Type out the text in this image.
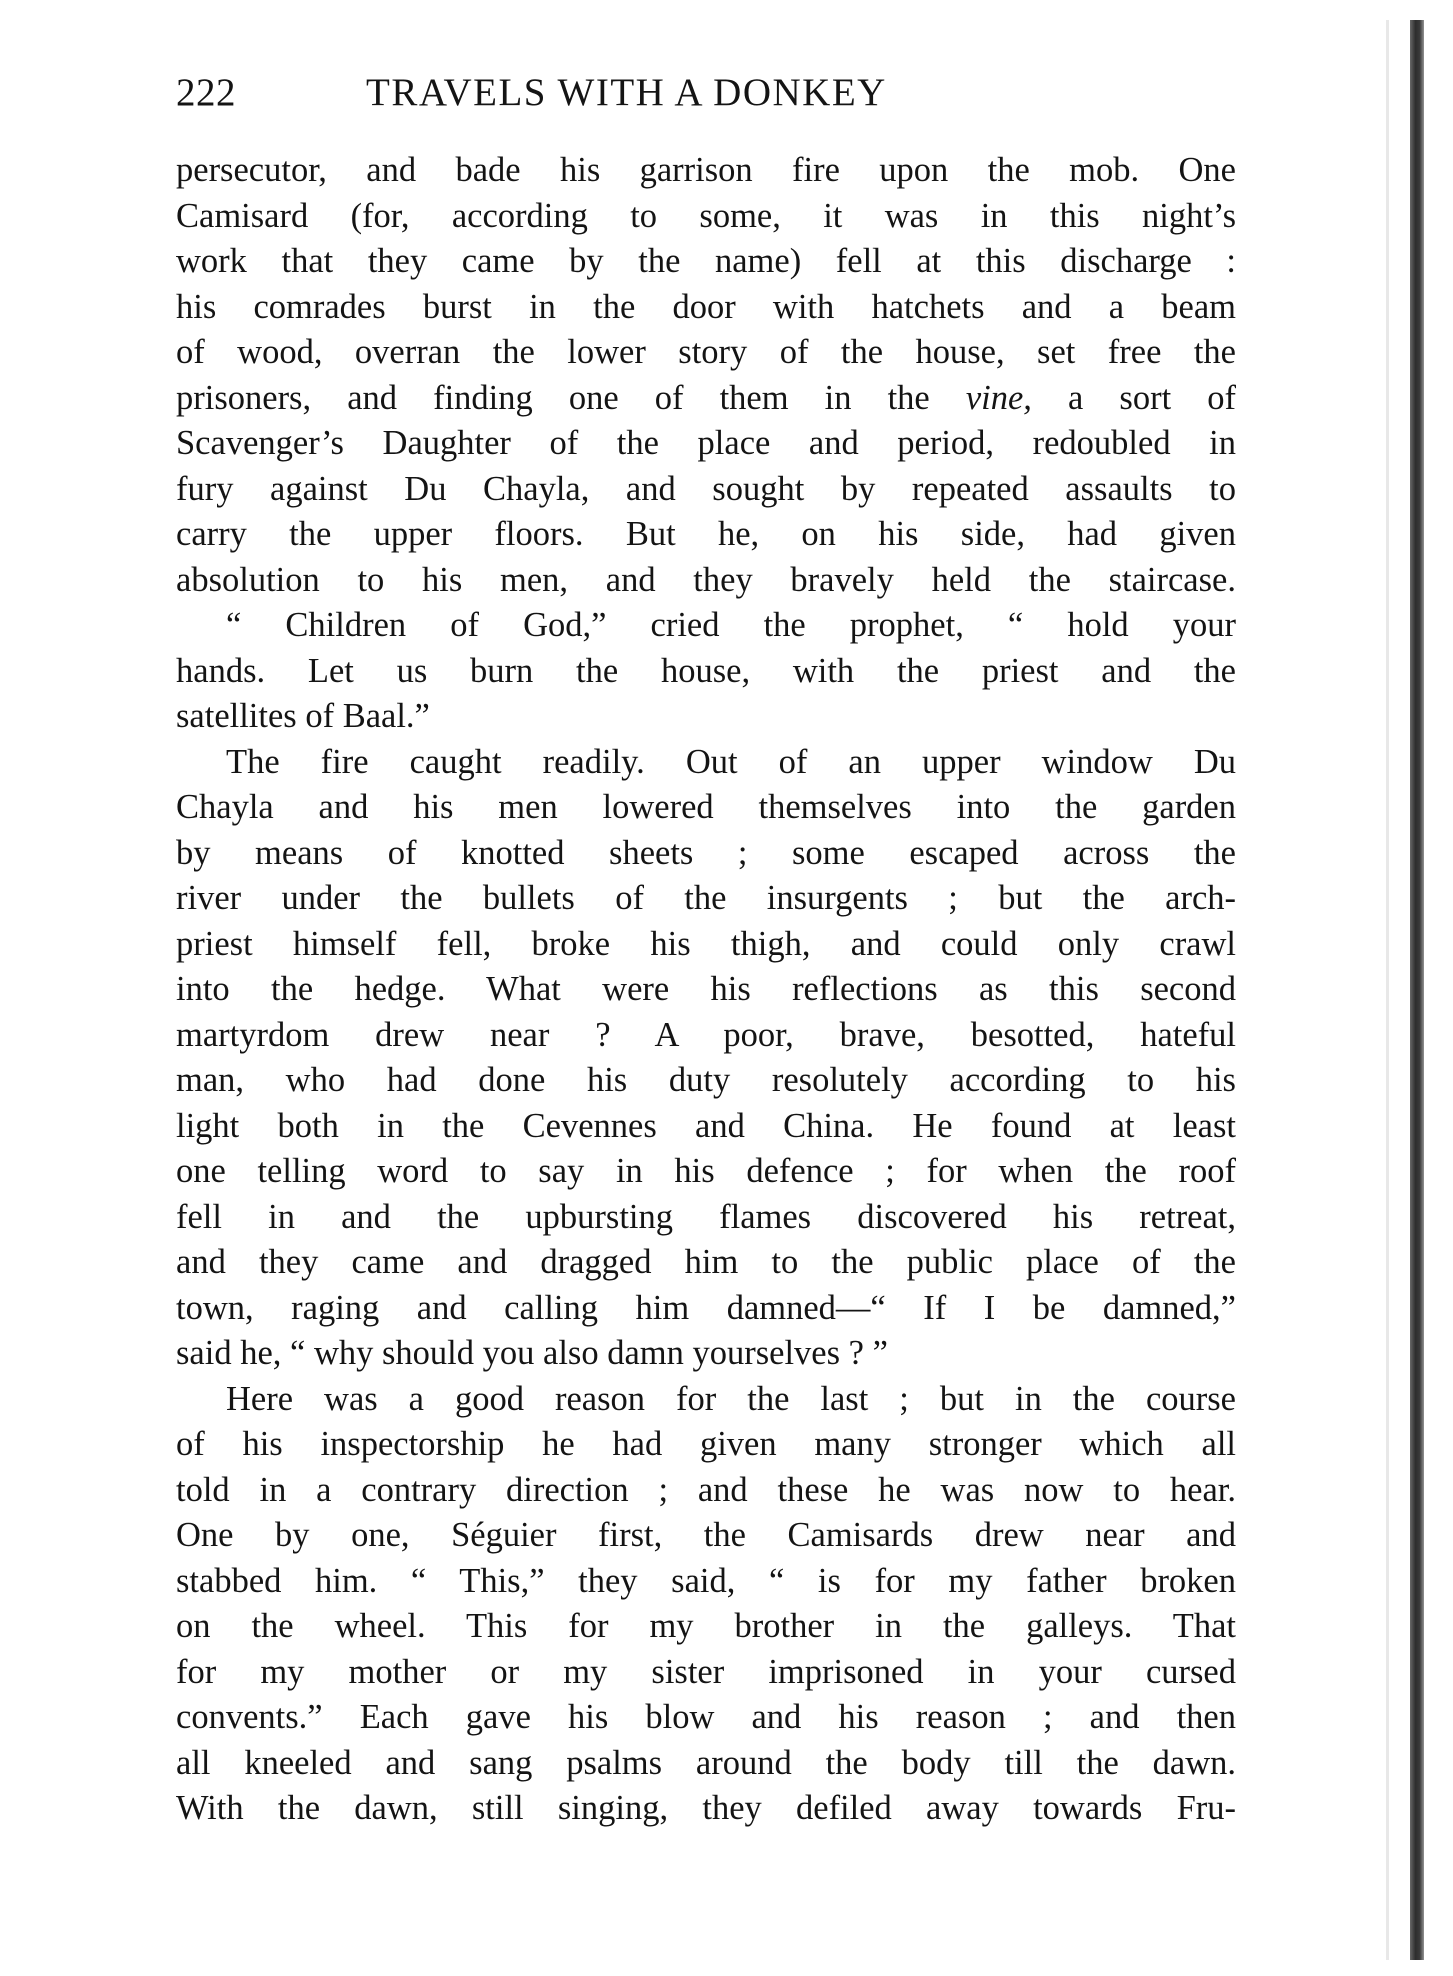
222	TRAVELS WITH A DONKEY
persecutor, and bade his garrison fire upon the mob. One
Camisard (for, according to some, it was in this night’s
work that they came by the name) fell at this discharge :
his comrades burst in the door with hatchets and a beam
of wood, overran the lower story of the house, set free the
prisoners, and finding one of them in the vine, a sort of
Scavenger’s Daughter of the place and period, redoubled in
fury against Du Chayla, and sought by repeated assaults to
carry the upper floors. But he, on his side, had given
absolution to his men, and they bravely held the staircase.
“ Children of God,” cried the prophet, “ hold your
hands. Let us burn the house, with the priest and the
satellites of Baal.”
The fire caught readily. Out of an upper window Du
Chayla and his men lowered themselves into the garden
by means of knotted sheets ; some escaped across the
river under the bullets of the insurgents ; but the arch-
priest himself fell, broke his thigh, and could only crawl
into the hedge. What were his reflections as this second
martyrdom drew near ? A poor, brave, besotted, hateful
man, who had done his duty resolutely according to his
light both in the Cevennes and China. He found at least
one telling word to say in his defence ; for when the roof
fell in and the upbursting flames discovered his retreat,
and they came and dragged him to the public place of the
town, raging and calling him damned—“ If I be damned,”
said he, “ why should you also damn yourselves ? ”
Here was a good reason for the last ; but in the course
of his inspectorship he had given many stronger which all
told in a contrary direction ; and these he was now to hear.
One by one, Séguier first, the Camisards drew near and
stabbed him. “ This,” they said, “ is for my father broken
on the wheel. This for my brother in the galleys. That
for my mother or my sister imprisoned in your cursed
convents.” Each gave his blow and his reason ; and then
all kneeled and sang psalms around the body till the dawn.
With the dawn, still singing, they defiled away towards Fru-
